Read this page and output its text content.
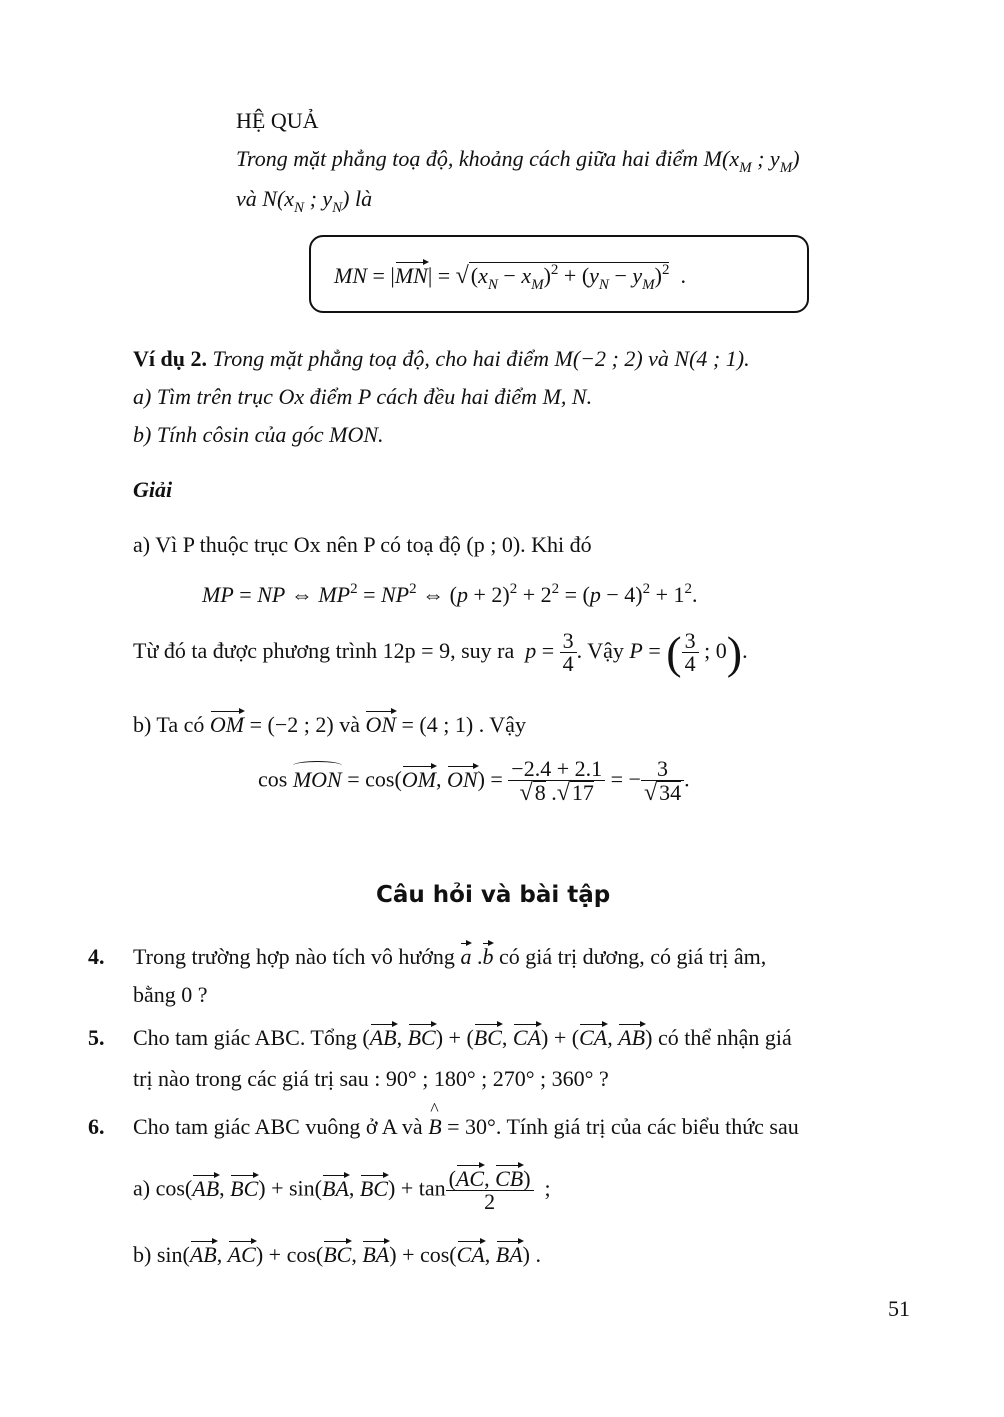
HỆ QUẢ
Trong mặt phẳng toạ độ, khoảng cách giữa hai điểm $M(x_M$ ; $y_M$)
và $N(x_N$ ; $y_N$) là
MN = $|MN| = √(x_N - x_M)^2 + (y_N - y_M)^2$ .
Ví dụ 2. Trong mặt phẳng toạ độ, cho hai điểm M(−2 ; 2) và N(4 ; 1).
a) Tìm trên trục Ox điểm P cách đều hai điểm M, N.
b) Tính côsin của góc MON.
Giải
a) Vì P thuộc trục Ox nên P có toạ độ (p ; 0). Khi đó
MP = NP ⇔ $MP^2 = NP^2$ ⇔ $(p + 2)^2 + 2^2 = (p - 4)^2 + 1^2$.
Từ đó ta được phương trình 12p = 9, suy ra $p = \frac{3}{4}$ . Vậy P = ( $\frac{3}{4}$ ; 0).
b) Ta có OM = (−2 ; 2) và ON = (4 ; 1) . Vậy
cos MON = cos(OM, $ON) = \frac{-2.4 + 2.1}{√8 .√17}$ = − $\frac{3}{√34}$ .
Câu hỏi và bài tập
4. Trong trường hợp nào tích vô hướng a .b có giá trị dương, có giá trị âm,
bằng 0 ?
5. Cho tam giác ABC. Tổng (AB, BC) + (BC, CA) + (CA, AB) có thể nhận giá
trị nào trong các giá trị sau : 90° ; 180° ; 270° ; 360° ?
6. Cho tam giác ABC vuông ở A và ^ B = 30°. Tính giá trị của các biểu thức sau
a) cos(AB, BC) + sin(BA, $BC) + \tan \frac{(AC, CB)}{2}$ ;
b) sin(AB, AC) + cos(BC, BA) + cos(CA, BA) .
51
